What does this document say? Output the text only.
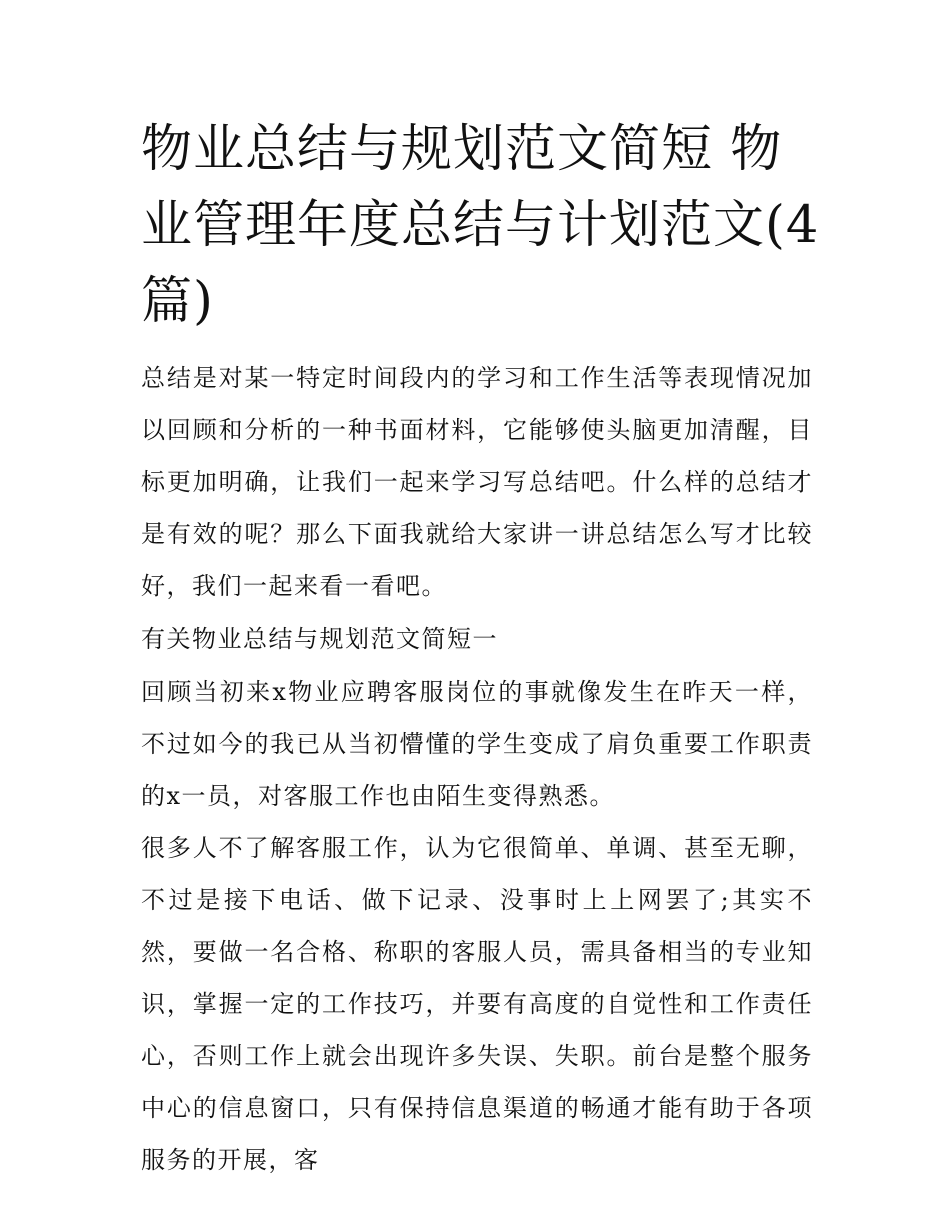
物业总结与规划范文简短 物业管理年度总结与计划范文(4篇)

总结是对某一特定时间段内的学习和工作生活等表现情况加以回顾和分析的一种书面材料，它能够使头脑更加清醒，目标更加明确，让我们一起来学习写总结吧。什么样的总结才是有效的呢？那么下面我就给大家讲一讲总结怎么写才比较好，我们一起来看一看吧。

有关物业总结与规划范文简短一

回顾当初来x物业应聘客服岗位的事就像发生在昨天一样，不过如今的我已从当初懵懂的学生变成了肩负重要工作职责的x一员，对客服工作也由陌生变得熟悉。

很多人不了解客服工作，认为它很简单、单调、甚至无聊，不过是接下电话、做下记录、没事时上上网罢了;其实不然，要做一名合格、称职的客服人员，需具备相当的专业知识，掌握一定的工作技巧，并要有高度的自觉性和工作责任心，否则工作上就会出现许多失误、失职。前台是整个服务中心的信息窗口，只有保持信息渠道的畅通才能有助于各项服务的开展，客
